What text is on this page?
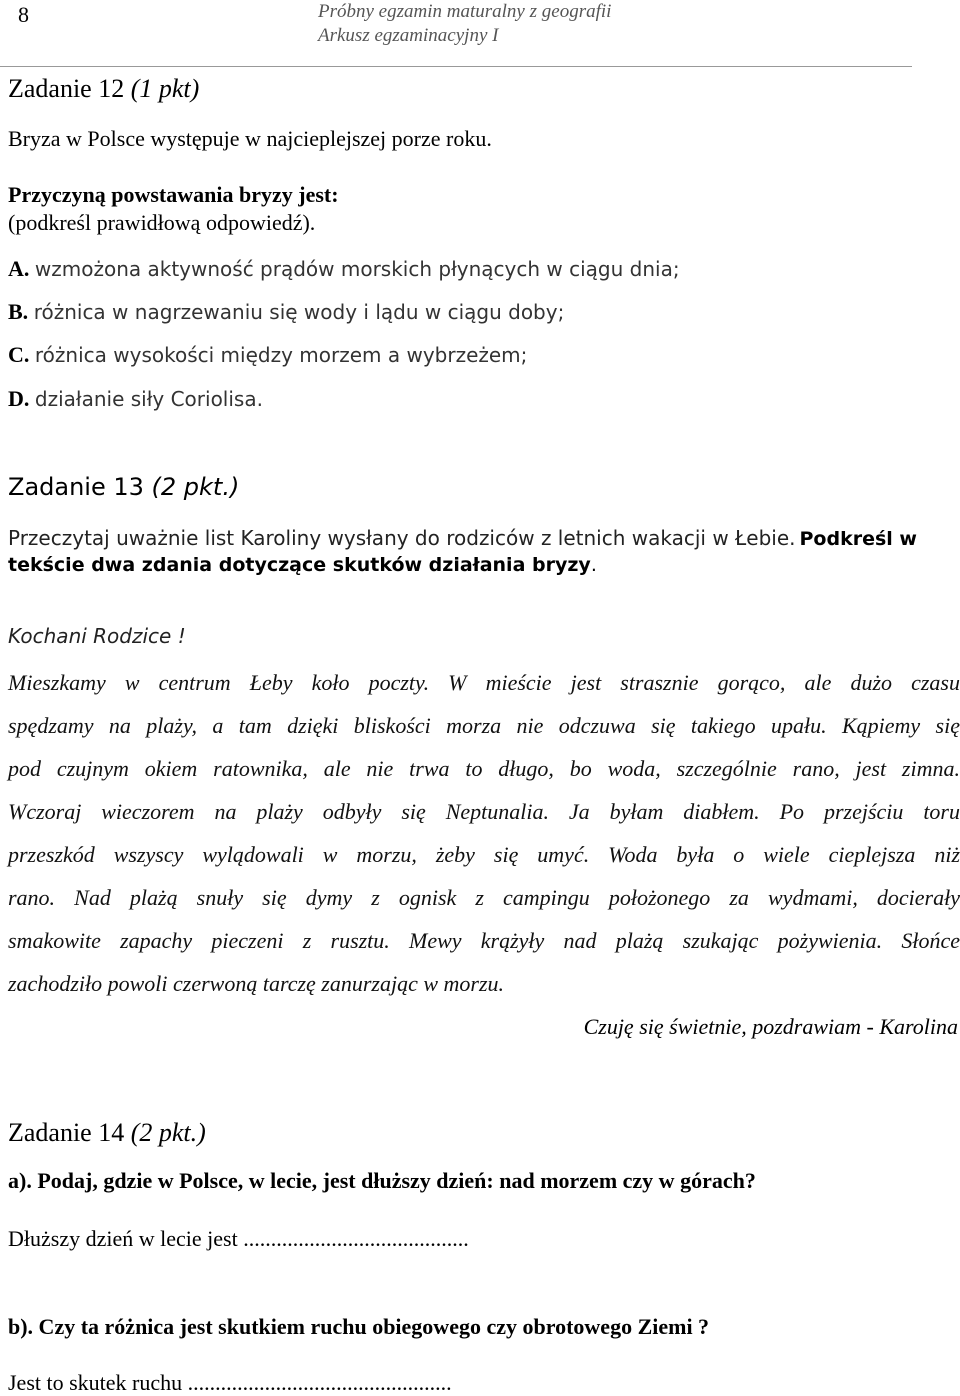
8	Próbny egzamin maturalny z geografii
Arkusz egzaminacyjny I
Zadanie 12 (1 pkt)
Bryza w Polsce występuje w najcieplejszej porze roku.
Przyczyną powstawania bryzy jest:
(podkreśl prawidłową odpowiedź).
A. wzmożona aktywność prądów morskich płynących w ciągu dnia;
B. różnica w nagrzewaniu się wody i lądu w ciągu doby;
C. różnica wysokości między morzem a wybrzeżem;
D. działanie siły Coriolisa.
Zadanie 13 (2 pkt.)
Przeczytaj uważnie list Karoliny wysłany do rodziców z letnich wakacji w Łebie. Podkreśl w
tekście dwa zdania dotyczące skutków działania bryzy.
Kochani Rodzice !
Mieszkamy w centrum Łeby koło poczty. W mieście jest strasznie gorąco, ale dużo czasu
spędzamy na plaży, a tam dzięki bliskości morza nie odczuwa się takiego upału. Kąpiemy się
pod czujnym okiem ratownika, ale nie trwa to długo, bo woda, szczególnie rano, jest zimna.
Wczoraj wieczorem na plaży odbyły się Neptunalia. Ja byłam diabłem. Po przejściu toru
przeszkód wszyscy wylądowali w morzu, żeby się umyć. Woda była o wiele cieplejsza niż
rano. Nad plażą snuły się dymy z ognisk z campingu położonego za wydmami, docierały
smakowite zapachy pieczeni z rusztu. Mewy krążyły nad plażą szukając pożywienia. Słońce
zachodziło powoli czerwoną tarczę zanurzając w morzu.
Czuję się świetnie, pozdrawiam - Karolina
Zadanie 14 (2 pkt.)
a). Podaj, gdzie w Polsce, w lecie, jest dłuższy dzień: nad morzem czy w górach?
Dłuższy dzień w lecie jest .........................................
b). Czy ta różnica jest skutkiem ruchu obiegowego czy obrotowego Ziemi ?
Jest to skutek ruchu ................................................
